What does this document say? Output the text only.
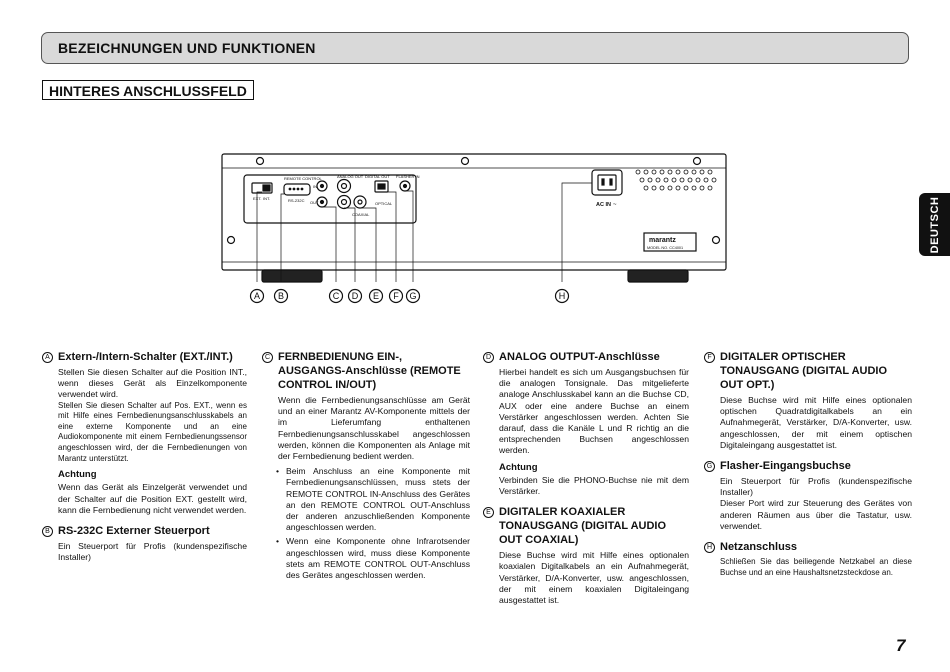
BEZEICHNUNGEN UND FUNKTIONEN
HINTERES ANSCHLUSSFELD
DEUTSCH
REMOTE CONTROL	ANALOG OUT DIGITAL OUT FLASHER IN
EXT. INT.
IN
OUT
RS-232C
COAXIAL
OPTICAL	AC IN ~
marantz
MODEL NO. CC4001
A B	C D E F G	H
A Extern-/Intern-Schalter (EXT./INT.)

Stellen Sie diesen Schalter auf die Position INT., wenn dieses Gerät als Einzelkomponente verwendet wird.

Stellen Sie diesen Schalter auf Pos. EXT., wenn es mit Hilfe eines Fernbedienungsanschlusskabels an eine externe Komponente und an eine Audiokomponente mit einem Fernbedienungssensor angeschlossen wird, der die Fernbedienungen von Marantz unterstützt.

Achtung

Wenn das Gerät als Einzelgerät verwendet und der Schalter auf die Position EXT. gestellt wird, kann die Fernbedienung nicht verwendet werden.

B RS-232C Externer Steuerport

Ein Steuerport für Profis (kundenspezifische Installer)

C FERNBEDIENUNG EIN-, AUSGANGS-Anschlüsse (REMOTE CONTROL IN/OUT)

Wenn die Fernbedienungsanschlüsse am Gerät und an einer Marantz AV-Komponente mittels der im Lieferumfang enthaltenen Fernbedienungsanschlusskabel angeschlossen werden, können die Komponenten als Anlage mit der Fernbedienung bedient werden.

• Beim Anschluss an eine Komponente mit Fernbedienungsanschlüssen, muss stets der REMOTE CONTROL IN-Anschluss des Gerätes an den REMOTE CONTROL OUT-Anschluss der anderen anzuschließenden Komponente angeschlossen werden.
• Wenn eine Komponente ohne Infrarotsender angeschlossen wird, muss diese Komponente stets am REMOTE CONTROL OUT-Anschluss des Gerätes angeschlossen werden.
D ANALOG OUTPUT-Anschlüsse

Hierbei handelt es sich um Ausgangsbuchsen für die analogen Tonsignale. Das mitgelieferte analoge Anschlusskabel kann an die Buchse CD, AUX oder eine andere Buchse an einem Verstärker angeschlossen werden. Achten Sie darauf, dass die Kanäle L und R richtig an die entsprechenden Buchsen angeschlossen werden.

Achtung

Verbinden Sie die PHONO-Buchse nie mit dem Verstärker.

E DIGITALER KOAXIALER TONAUSGANG (DIGITAL AUDIO OUT COAXIAL)

Diese Buchse wird mit Hilfe eines optionalen koaxialen Digitalkabels an ein Aufnahmegerät, Verstärker, D/A-Konverter, usw. angeschlossen, der mit einem koaxialen Digitaleingang ausgestattet ist.

F DIGITALER OPTISCHER TONAUSGANG (DIGITAL AUDIO OUT OPT.)

Diese Buchse wird mit Hilfe eines optionalen optischen Quadratdigitalkabels an ein Aufnahmegerät, Verstärker, D/A-Konverter, usw. angeschlossen, der mit einem optischen Digitaleingang ausgestattet ist.

G Flasher-Eingangsbuchse

Ein Steuerport für Profis (kundenspezifische Installer)

Dieser Port wird zur Steuerung des Gerätes von anderen Räumen aus über die Tastatur, usw. verwendet.

H Netzanschluss

Schließen Sie das beiliegende Netzkabel an diese Buchse und an eine Haushaltsnetzsteckdose an.

7
